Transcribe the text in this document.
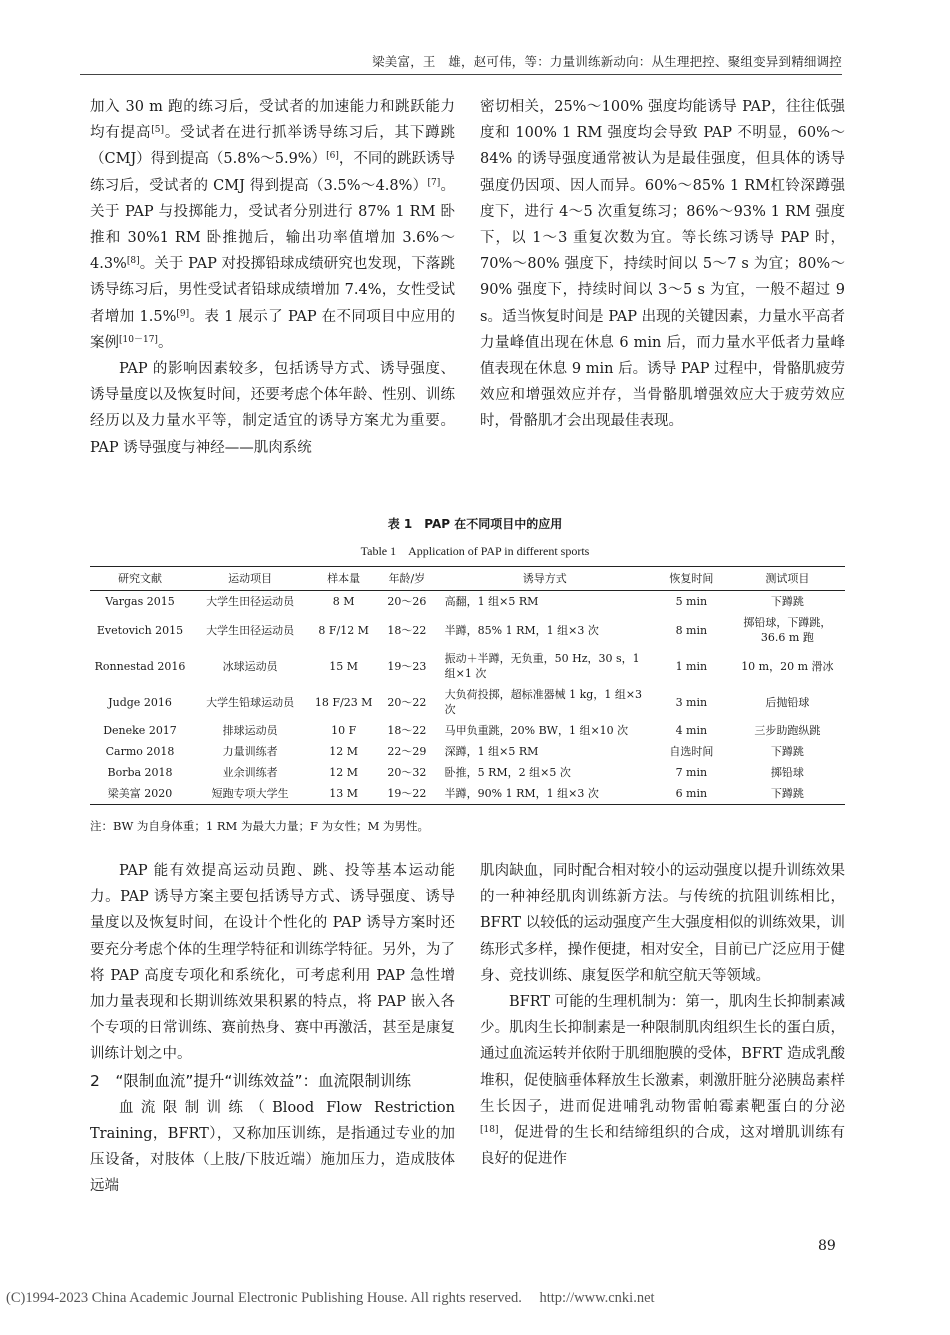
梁美富，王　雄，赵可伟，等：力量训练新动向：从生理把控、聚组变异到精细调控

加入 30 m 跑的练习后，受试者的加速能力和跳跃能力均有提高[5]。受试者在进行抓举诱导练习后，其下蹲跳（CMJ）得到提高（5.8%～5.9%）[6]，不同的跳跃诱导练习后，受试者的 CMJ 得到提高（3.5%～4.8%）[7]。关于 PAP 与投掷能力，受试者分别进行 87% 1 RM 卧推和 30%1 RM 卧推抛后，输出功率值增加 3.6%～4.3%[8]。关于 PAP 对投掷铅球成绩研究也发现，下落跳诱导练习后，男性受试者铅球成绩增加 7.4%，女性受试者增加 1.5%[9]。表 1 展示了 PAP 在不同项目中应用的案例[10－17]。

PAP 的影响因素较多，包括诱导方式、诱导强度、诱导量度以及恢复时间，还要考虑个体年龄、性别、训练经历以及力量水平等，制定适宜的诱导方案尤为重要。PAP 诱导强度与神经——肌肉系统

密切相关，25%～100% 强度均能诱导 PAP，往往低强度和 100% 1 RM 强度均会导致 PAP 不明显，60%～84% 的诱导强度通常被认为是最佳强度，但具体的诱导强度仍因项、因人而异。60%～85% 1 RM杠铃深蹲强度下，进行 4～5 次重复练习；86%～93% 1 RM 强度下，以 1～3 重复次数为宜。等长练习诱导 PAP 时，70%～80% 强度下，持续时间以 5～7 s 为宜；80%～90% 强度下，持续时间以 3～5 s 为宜，一般不超过 9 s。适当恢复时间是 PAP 出现的关键因素，力量水平高者力量峰值出现在休息 6 min 后，而力量水平低者力量峰值表现在休息 9 min 后。诱导 PAP 过程中，骨骼肌疲劳效应和增强效应并存，当骨骼肌增强效应大于疲劳效应时，骨骼肌才会出现最佳表现。

表 1　PAP 在不同项目中的应用
Table 1　Application of PAP in different sports
研究文献	运动项目	样本量	年龄/岁	诱导方式	恢复时间	测试项目
Vargas 2015	大学生田径运动员	8 M	20～26	高翻，1 组×5 RM	5 min	下蹲跳
Evetovich 2015	大学生田径运动员	8 F/12 M	18～22	半蹲，85% 1 RM，1 组×3 次	8 min	掷铅球，下蹲跳，36.6 m 跑
Ronnestad 2016	冰球运动员	15 M	19～23	振动＋半蹲，无负重，50 Hz，30 s，1 组×1 次	1 min	10 m，20 m 滑冰
Judge 2016	大学生铅球运动员	18 F/23 M	20～22	大负荷投掷，超标准器械 1 kg，1 组×3 次	3 min	后抛铅球
Deneke 2017	排球运动员	10 F	18～22	马甲负重跳，20% BW，1 组×10 次	4 min	三步助跑纵跳
Carmo 2018	力量训练者	12 M	22～29	深蹲，1 组×5 RM	自选时间	下蹲跳
Borba 2018	业余训练者	12 M	20～32	卧推，5 RM，2 组×5 次	7 min	掷铅球
梁美富 2020	短跑专项大学生	13 M	19～22	半蹲，90% 1 RM，1 组×3 次	6 min	下蹲跳
注：BW 为自身体重；1 RM 为最大力量；F 为女性；M 为男性。

PAP 能有效提高运动员跑、跳、投等基本运动能力。PAP 诱导方案主要包括诱导方式、诱导强度、诱导量度以及恢复时间，在设计个性化的 PAP 诱导方案时还要充分考虑个体的生理学特征和训练学特征。另外，为了将 PAP 高度专项化和系统化，可考虑利用 PAP 急性增加力量表现和长期训练效果积累的特点，将 PAP 嵌入各个专项的日常训练、赛前热身、赛中再激活，甚至是康复训练计划之中。

2　“限制血流”提升“训练效益”：血流限制训练

血流限制训练（Blood Flow Restriction Training，BFRT），又称加压训练，是指通过专业的加压设备，对肢体（上肢/下肢近端）施加压力，造成肢体远端

肌肉缺血，同时配合相对较小的运动强度以提升训练效果的一种神经肌肉训练新方法。与传统的抗阻训练相比，BFRT 以较低的运动强度产生大强度相似的训练效果，训练形式多样，操作便捷，相对安全，目前已广泛应用于健身、竞技训练、康复医学和航空航天等领域。

BFRT 可能的生理机制为：第一，肌肉生长抑制素减少。肌肉生长抑制素是一种限制肌肉组织生长的蛋白质，通过血流运转并依附于肌细胞膜的受体，BFRT 造成乳酸堆积，促使脑垂体释放生长激素，刺激肝脏分泌胰岛素样生长因子，进而促进哺乳动物雷帕霉素靶蛋白的分泌[18]，促进骨的生长和结缔组织的合成，这对增肌训练有良好的促进作

89
(C)1994-2023 China Academic Journal Electronic Publishing House. All rights reserved. http://www.cnki.net
